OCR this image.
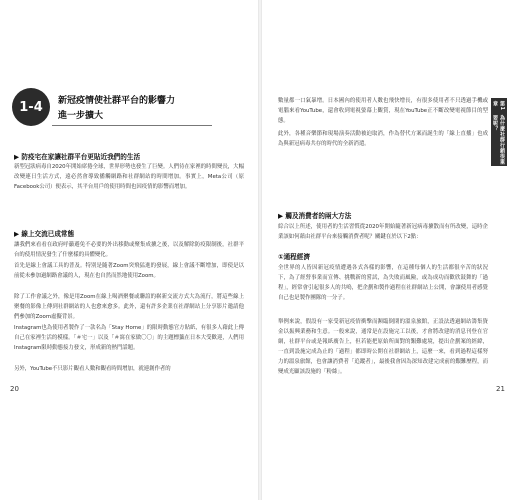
1-4	新冠疫情使社群平台的影響力
進一步擴大
▶ 防疫宅在家讓社群平台更貼近我們的生活
新型冠狀病毒自2020年開始席捲全球，世界形勢也發生了巨變。人們待在家裡的時間變長，大幅改變連日生活方式，遠必然會導致播觸網路和社群網站的時間增加。事實上，Meta公司（原Facebook公司）便表示，其平台用戶的使用時間也因疫情的影響而增加。
▶ 線上交流已成常態
讓我們來看看在政府呼籲避免不必要的外出移動或聚集成擴之後，以及解除防疫限制後，社群平台的使用情況發生了什麼樣的具體變化。
首先是線上會議工具的普及。特別是隨著Zoom突飛猛進的發展，線上會議不斷增加，即使是以前從未參加過網路會議的人，現在也自然而然地使用Zoom。
除了工作會議之外，像是用Zoom在線上喝酒聚餐或聯誼的嶄新交流方式大為流行，將這些線上聚餐的影像上傳到社群網站的人也愈來愈多。此外，還有許多企業在社群網站上分享影片邀請他們參加的Zoom虛擬背景。
Instagram也為使用者製作了一款名為「Stay Home」的限時動態官方貼紙，有很多人藉此上傳自己在家裡生活的模樣。「＃宅一」以及「＃窩在家做〇〇」的主題標籤在日本大受歡迎，人們用Instagram限時動態接力發文，形成新的熱門話題。
另外，YouTube不只影片觀看人數和觀看時間增加，就連創作者的
20
數量都一口氣暴增。日本國內的使用者人數也飛快增長，有很多使用者不只透過手機或電腦來看YouTube，還會收到電視螢幕上觀賞，現在YouTube正不斷改變電視節目的型態。
此外，各種音樂節和現場演奏活動被迫取消，作為替代方案而誕生的「線上直播」也成為與新冠病毒共存的時代的全新消遣。
▶ 觸及消費者的兩大方法
綜合以上所述，使用者的生活習慣從2020年開始隨著新冠病毒擴散而有所改變，這時企業該如何藉由社群平台來接觸消費者呢？關鍵在於以下2點：
①通程經濟
全世界的人皆因新冠疫情遭遇各式各樣的影響，在這種每個人的生活都很辛苦的狀況下，為了經營事業而宣傳、挑戰新的嘗試，為失敗而風險，或為成功而歡欣鼓舞的「過程」，經常會引起很多人的共鳴，把企劃和製作過程在社群網站上公開，會讓使用者感覺自己也是製作團隊的一分子。
舉例來說，假設有一家受新冠疫情衝擊而瀕臨倒閉的溫泉旅館，正設法透過網站籌集資金以振興業務和生意。一般來說，通常是在設施完工以後，才會將改建的消息刊登在官網，社群平台或是報紙廣告上，但若能把原始所面對的艱難處境，提出企劃案的經緯，一直到設施完成為止的「過程」都即時公開在社群網站上，這麼一來，看到過程這樣努力的溫泉旅館，也會讓消費者「追蹤者」，最後我會因為深知改建完成前的艱難歷程，而變成光顧該設施的「粉絲」。
21
第1章
為什麼社群行銷很重要呢？
